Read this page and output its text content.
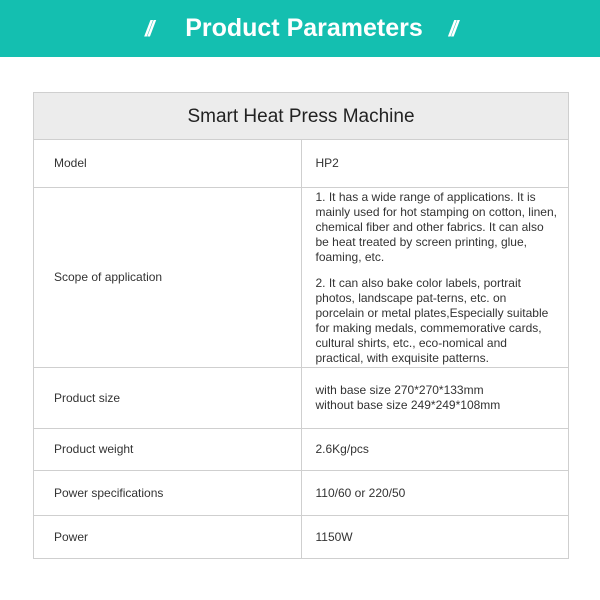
// Product Parameters //
Smart Heat Press Machine	
Model	HP2

Scope of application	1. It has a wide range of applications. It is mainly used for hot stamping on cotton, linen, chemical fiber and other fabrics. It can also be heat treated by screen printing, glue, foaming, etc.

2. It can also bake color labels, portrait photos, landscape pat-terns, etc. on porcelain or metal plates,Especially suitable for making medals, commemorative cards, cultural shirts, etc., eco-nomical and practical, with exquisite patterns.

Product size	with base size 270*270*133mm
without base size 249*249*108mm

Product weight	2.6Kg/pcs

Power specifications	110/60 or 220/50

Power	1150W
